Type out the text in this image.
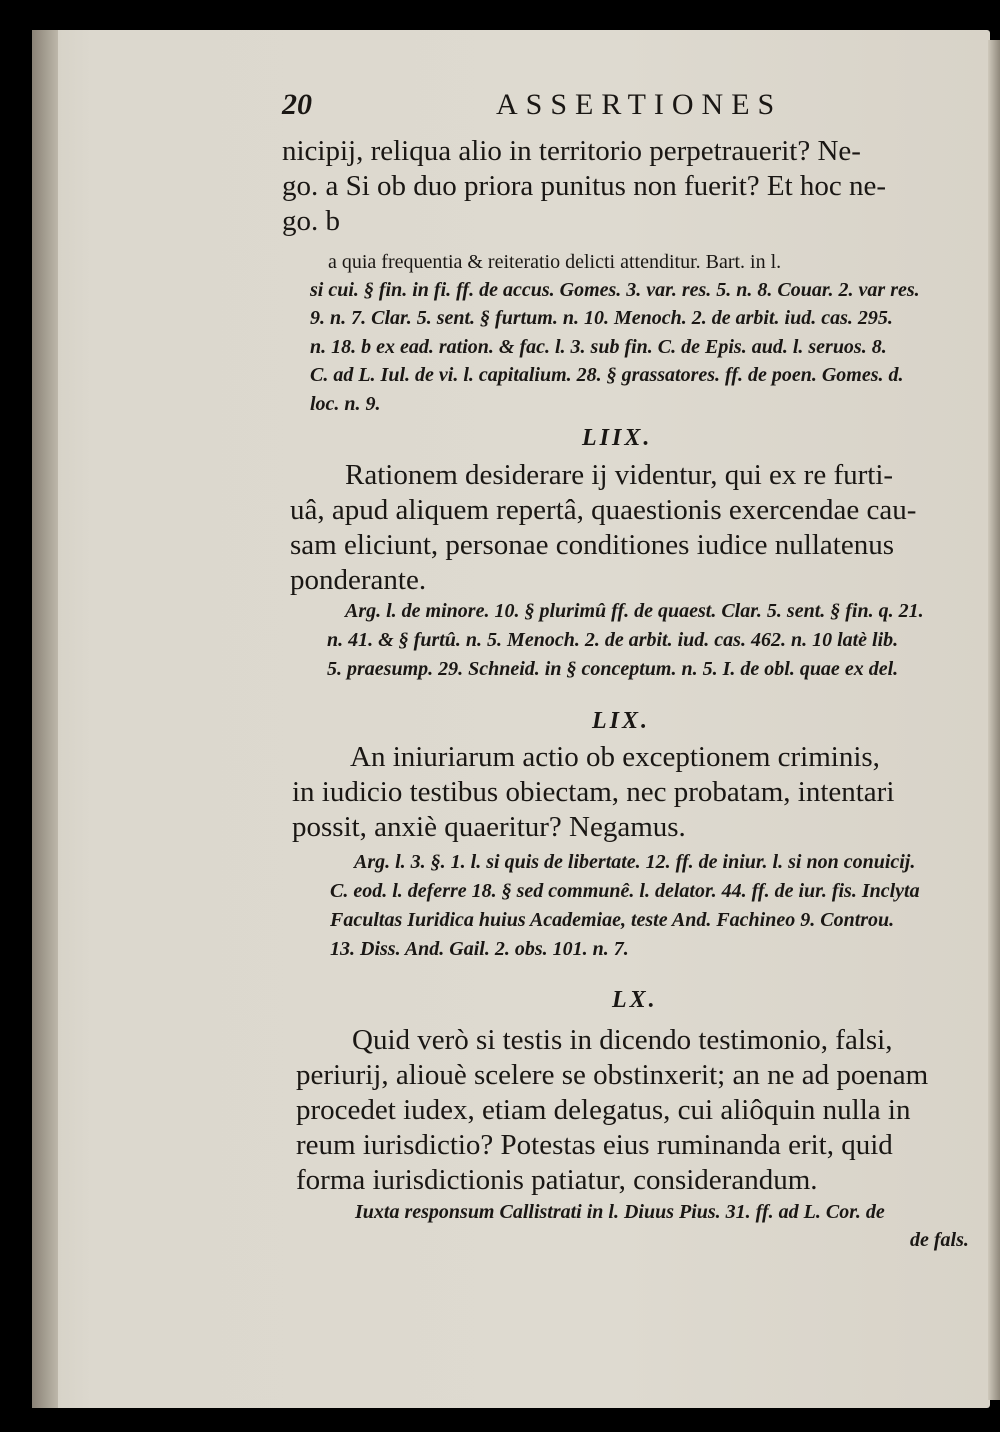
20	ASSERTIONES
nicipij, reliqua alio in territorio perpetrauerit? Ne-
go. a Si ob duo priora punitus non fuerit? Et hoc ne-
go. b
a quia frequentia & reiteratio delicti attenditur. Bart. in l.
si cui. § fin. in fi. ff. de accus. Gomes. 3. var. res. 5. n. 8. Couar. 2. var res.
9. n. 7. Clar. 5. sent. § furtum. n. 10. Menoch. 2. de arbit. iud. cas. 295.
n. 18. b ex ead. ration. & fac. l. 3. sub fin. C. de Epis. aud. l. seruos. 8.
C. ad L. Iul. de vi. l. capitalium. 28. § grassatores. ff. de poen. Gomes. d.
loc. n. 9.
LIIX.
Rationem desiderare ij videntur, qui ex re furti-
uâ, apud aliquem repertâ, quaestionis exercendae cau-
sam eliciunt, personae conditiones iudice nullatenus
ponderante.
Arg. l. de minore. 10. § plurimû ff. de quaest. Clar. 5. sent. § fin. q. 21.
n. 41. & § furtû. n. 5. Menoch. 2. de arbit. iud. cas. 462. n. 10 latè lib.
5. praesump. 29. Schneid. in § conceptum. n. 5. I. de obl. quae ex del.
LIX.
An iniuriarum actio ob exceptionem criminis,
in iudicio testibus obiectam, nec probatam, intentari
possit, anxiè quaeritur? Negamus.
Arg. l. 3. §. 1. l. si quis de libertate. 12. ff. de iniur. l. si non conuicij.
C. eod. l. deferre 18. § sed communê. l. delator. 44. ff. de iur. fis. Inclyta
Facultas Iuridica huius Academiae, teste And. Fachineo 9. Controu.
13. Diss. And. Gail. 2. obs. 101. n. 7.
LX.
Quid verò si testis in dicendo testimonio, falsi,
periurij, aliouè scelere se obstinxerit; an ne ad poenam
procedet iudex, etiam delegatus, cui aliôquin nulla in
reum iurisdictio? Potestas eius ruminanda erit, quid
forma iurisdictionis patiatur, considerandum.
Iuxta responsum Callistrati in l. Diuus Pius. 31. ff. ad L. Cor. de
de fals.
